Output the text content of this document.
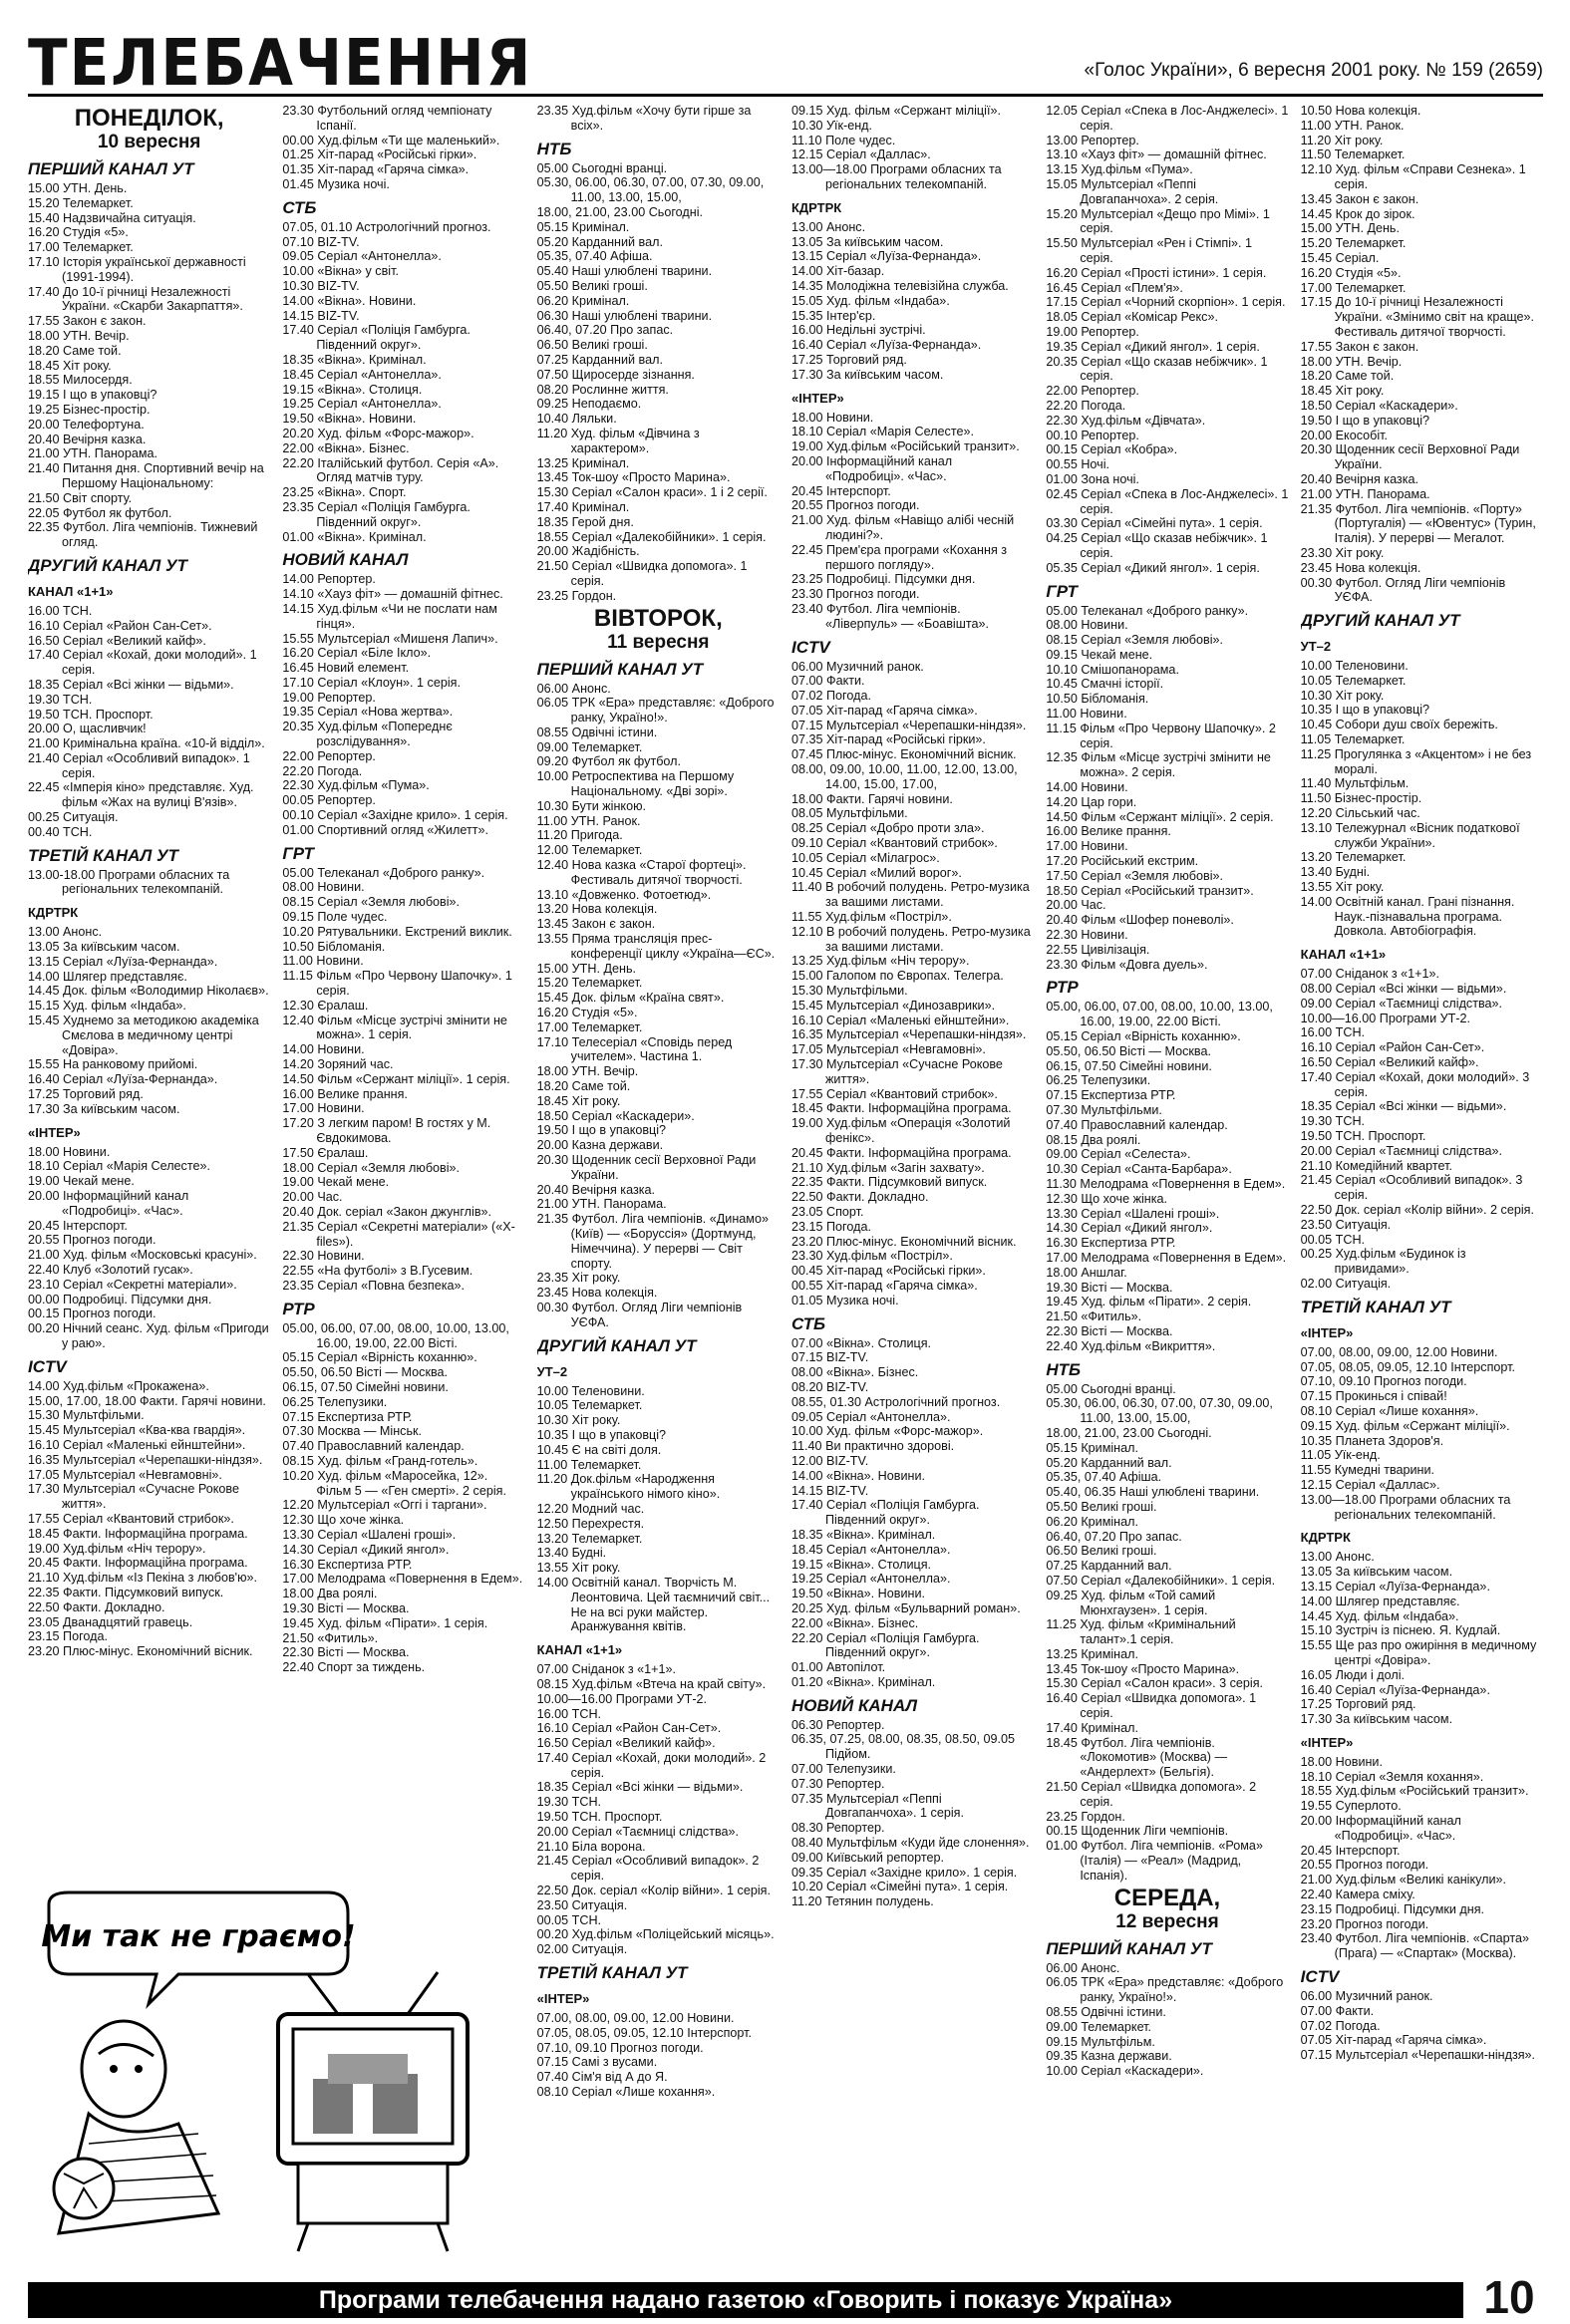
ТЕЛЕБАЧЕННЯ	«Голос України», 6 вересня 2001 року. № 159 (2659)
ПОНЕДІЛОК,
10 вересня
ПЕРШИЙ КАНАЛ УТ
15.00 УТН. День.
15.20 Телемаркет.
15.40 Надзвичайна ситуація.
16.20 Студія «5».
17.00 Телемаркет.
17.10 Історія української державності (1991-1994).
17.40 До 10-ї річниці Незалежності України. «Скарби Закарпаття».
17.55 Закон є закон.
18.00 УТН. Вечір.
18.20 Саме той.
18.45 Хіт року.
18.55 Милосердя.
19.15 І що в упаковці?
19.25 Бізнес-простір.
20.00 Телефортуна.
20.40 Вечірня казка.
21.00 УТН. Панорама.
21.40 Питання дня. Спортивний вечір на Першому Національному:
21.50 Світ спорту.
22.05 Футбол як футбол.
22.35 Футбол. Ліга чемпіонів. Тижневий огляд.
ДРУГИЙ КАНАЛ УТ
КАНАЛ «1+1»
16.00 ТСН.
16.10 Серіал «Район Сан-Сет».
16.50 Серіал «Великий кайф».
17.40 Серіал «Кохай, доки молодий». 1 серія.
18.35 Серіал «Всі жінки — відьми».
19.30 ТСН.
19.50 ТСН. Проспорт.
20.00 О, щасливчик!
21.00 Кримінальна країна. «10-й відділ».
21.40 Серіал «Особливий випадок». 1 серія.
22.45 «Імперія кіно» представляє. Худ. фільм «Жах на вулиці В'язів».
00.25 Ситуація.
00.40 ТСН.
ТРЕТІЙ КАНАЛ УТ
13.00-18.00 Програми обласних та регіональних телекомпаній.
КДРТРК
13.00 Анонс.
13.05 За київським часом.
13.15 Серіал «Луїза-Фернанда».
14.00 Шлягер представляє.
14.45 Док. фільм «Володимир Ніколаєв».
15.15 Худ. фільм «Індаба».
15.45 Худнемо за методикою академіка Смєлова в медичному центрі «Довіра».
15.55 На ранковому прийомі.
16.40 Серіал «Луїза-Фернанда».
17.25 Торговий ряд.
17.30 За київським часом.
«ІНТЕР»
18.00 Новини.
18.10 Серіал «Марія Селесте».
19.00 Чекай мене.
20.00 Інформаційний канал «Подробиці». «Час».
20.45 Інтерспорт.
20.55 Прогноз погоди.
21.00 Худ. фільм «Московські красуні».
22.40 Клуб «Золотий гусак».
23.10 Серіал «Секретні матеріали».
00.00 Подробиці. Підсумки дня.
00.15 Прогноз погоди.
00.20 Нічний сеанс. Худ. фільм «Пригоди у раю».
ICTV
14.00 Худ.фільм «Прокажена».
15.00, 17.00, 18.00 Факти. Гарячі новини.
15.30 Мультфільми.
15.45 Мультсеріал «Ква-ква гвардія».
16.10 Серіал «Маленькі ейнштейни».
16.35 Мультсеріал «Черепашки-ніндзя».
17.05 Мультсеріал «Невгамовні».
17.30 Мультсеріал «Сучасне Рокове життя».
17.55 Серіал «Квантовий стрибок».
18.45 Факти. Інформаційна програма.
19.00 Худ.фільм «Ніч терору».
20.45 Факти. Інформаційна програма.
21.10 Худ.фільм «Із Пекіна з любов'ю».
22.35 Факти. Підсумковий випуск.
22.50 Факти. Докладно.
23.05 Дванадцятий гравець.
23.15 Погода.
23.20 Плюс-мінус. Економічний вісник.
23.30 Футбольний огляд чемпіонату Іспанії.
00.00 Худ.фільм «Ти ще маленький».
01.25 Хіт-парад «Російські гірки».
01.35 Хіт-парад «Гаряча сімка».
01.45 Музика ночі.
СТБ
07.05, 01.10 Астрологічний прогноз.
07.10 BIZ-TV.
09.05 Серіал «Антонелла».
10.00 «Вікна» у світ.
10.30 BIZ-TV.
14.00 «Вікна». Новини.
14.15 BIZ-TV.
17.40 Серіал «Поліція Гамбурга. Південний округ».
18.35 «Вікна». Кримінал.
18.45 Серіал «Антонелла».
19.15 «Вікна». Столиця.
19.25 Серіал «Антонелла».
19.50 «Вікна». Новини.
20.20 Худ. фільм «Форс-мажор».
22.00 «Вікна». Бізнес.
22.20 Італійський футбол. Серія «А». Огляд матчів туру.
23.25 «Вікна». Спорт.
23.35 Серіал «Поліція Гамбурга. Південний округ».
01.00 «Вікна». Кримінал.
НОВИЙ КАНАЛ
14.00 Репортер.
14.10 «Хауз фіт» — домашній фітнес.
14.15 Худ.фільм «Чи не послати нам гінця».
15.55 Мультсеріал «Мишеня Лапич».
16.20 Серіал «Біле Ікло».
16.45 Новий елемент.
17.10 Серіал «Клоун». 1 серія.
19.00 Репортер.
19.35 Серіал «Нова жертва».
20.35 Худ.фільм «Попереднє розслідування».
22.00 Репортер.
22.20 Погода.
22.30 Худ.фільм «Пума».
00.05 Репортер.
00.10 Серіал «Західне крило». 1 серія.
01.00 Спортивний огляд «Жилетт».
ГРТ
05.00 Телеканал «Доброго ранку».
08.00 Новини.
08.15 Серіал «Земля любові».
09.15 Поле чудес.
10.20 Рятувальники. Екстрений виклик.
10.50 Бібломанія.
11.00 Новини.
11.15 Фільм «Про Червону Шапочку». 1 серія.
12.30 Єралаш.
12.40 Фільм «Місце зустрічі змінити не можна». 1 серія.
14.00 Новини.
14.20 Зоряний час.
14.50 Фільм «Сержант міліції». 1 серія.
16.00 Велике прання.
17.00 Новини.
17.20 З легким паром! В гостях у М. Євдокимова.
17.50 Єралаш.
18.00 Серіал «Земля любові».
19.00 Чекай мене.
20.00 Час.
20.40 Док. серіал «Закон джунглів».
21.35 Серіал «Секретні матеріали» («X-files»).
22.30 Новини.
22.55 «На футболі» з В.Гусевим.
23.35 Серіал «Повна безпека».
РТР
05.00, 06.00, 07.00, 08.00, 10.00, 13.00, 16.00, 19.00, 22.00 Вісті.
05.15 Серіал «Вірність коханню».
05.50, 06.50 Вісті — Москва.
06.15, 07.50 Сімейні новини.
06.25 Телепузики.
07.15 Експертиза РТР.
07.30 Москва — Мінськ.
07.40 Православний календар.
08.15 Худ. фільм «Гранд-готель».
10.20 Худ. фільм «Маросейка, 12». Фільм 5 — «Ген смерті». 2 серія.
12.20 Мультсеріал «Оггі і таргани».
12.30 Що хоче жінка.
13.30 Серіал «Шалені гроші».
14.30 Серіал «Дикий янгол».
16.30 Експертиза РТР.
17.00 Мелодрама «Повернення в Едем».
18.00 Два роялі.
19.30 Вісті — Москва.
19.45 Худ. фільм «Пірати». 1 серія.
21.50 «Фитиль».
22.30 Вісті — Москва.
22.40 Спорт за тиждень.
23.35 Худ.фільм «Хочу бути гірше за всіх».
НТБ
05.00 Сьогодні вранці.
05.30, 06.00, 06.30, 07.00, 07.30, 09.00, 11.00, 13.00, 15.00,
18.00, 21.00, 23.00 Сьогодні.
05.15 Кримінал.
05.20 Карданний вал.
05.35, 07.40 Афіша.
05.40 Наші улюблені тварини.
05.50 Великі гроші.
06.20 Кримінал.
06.30 Наші улюблені тварини.
06.40, 07.20 Про запас.
06.50 Великі гроші.
07.25 Карданний вал.
07.50 Щиросерде зізнання.
08.20 Рослинне життя.
09.25 Неподаємо.
10.40 Ляльки.
11.20 Худ. фільм «Дівчина з характером».
13.25 Кримінал.
13.45 Ток-шоу «Просто Марина».
15.30 Серіал «Салон краси». 1 і 2 серії.
17.40 Кримінал.
18.35 Герой дня.
18.55 Серіал «Далекобійники». 1 серія.
20.00 Жадібність.
21.50 Серіал «Швидка допомога». 1 серія.
23.25 Гордон.
ВІВТОРОК,
11 вересня
ПЕРШИЙ КАНАЛ УТ
06.00 Анонс.
06.05 ТРК «Ера» представляє: «Доброго ранку, Україно!».
08.55 Одвічні істини.
09.00 Телемаркет.
09.20 Футбол як футбол.
10.00 Ретроспектива на Першому Національному. «Дві зорі».
10.30 Бути жінкою.
11.00 УТН. Ранок.
11.20 Пригода.
12.00 Телемаркет.
12.40 Нова казка «Старої фортеці». Фестиваль дитячої творчості.
13.10 «Довженко. Фотоетюд».
13.20 Нова колекція.
13.45 Закон є закон.
13.55 Пряма трансляція прес-конференції циклу «Україна—ЄС».
15.00 УТН. День.
15.20 Телемаркет.
15.45 Док. фільм «Країна свят».
16.20 Студія «5».
17.00 Телемаркет.
17.10 Телесеріал «Сповідь перед учителем». Частина 1.
18.00 УТН. Вечір.
18.20 Саме той.
18.45 Хіт року.
18.50 Серіал «Каскадери».
19.50 І що в упаковці?
20.00 Казна держави.
20.30 Щоденник сесії Верховної Ради України.
20.40 Вечірня казка.
21.00 УТН. Панорама.
21.35 Футбол. Ліга чемпіонів. «Динамо» (Київ) — «Боруссія» (Дортмунд, Німеччина). У перерві — Світ спорту.
23.35 Хіт року.
23.45 Нова колекція.
00.30 Футбол. Огляд Ліги чемпіонів УЄФА.
ДРУГИЙ КАНАЛ УТ
УТ–2
10.00 Теленовини.
10.05 Телемаркет.
10.30 Хіт року.
10.35 І що в упаковці?
10.45 Є на світі доля.
11.00 Телемаркет.
11.20 Док.фільм «Народження українського німого кіно».
12.20 Модний час.
12.50 Перехрестя.
13.20 Телемаркет.
13.40 Будні.
13.55 Хіт року.
14.00 Освітній канал. Творчість М. Леонтовича. Цей таємничий світ... Не на всі руки майстер. Аранжування квітів.
КАНАЛ «1+1»
07.00 Сніданок з «1+1».
08.15 Худ.фільм «Втеча на край світу».
10.00—16.00 Програми УТ-2.
16.00 ТСН.
16.10 Серіал «Район Сан-Сет».
16.50 Серіал «Великий кайф».
17.40 Серіал «Кохай, доки молодий». 2 серія.
18.35 Серіал «Всі жінки — відьми».
19.30 ТСН.
19.50 ТСН. Проспорт.
20.00 Серіал «Таємниці слідства».
21.10 Біла ворона.
21.45 Серіал «Особливий випадок». 2 серія.
22.50 Док. серіал «Колір війни». 1 серія.
23.50 Ситуація.
00.05 ТСН.
00.20 Худ.фільм «Поліцейський місяць».
02.00 Ситуація.
ТРЕТІЙ КАНАЛ УТ
«ІНТЕР»
07.00, 08.00, 09.00, 12.00 Новини.
07.05, 08.05, 09.05, 12.10 Інтерспорт.
07.10, 09.10 Прогноз погоди.
07.15 Самі з вусами.
07.40 Сім'я від А до Я.
08.10 Серіал «Лише кохання».
09.15 Худ. фільм «Сержант міліції».
10.30 Уїк-енд.
11.10 Поле чудес.
12.15 Серіал «Даллас».
13.00—18.00 Програми обласних та регіональних телекомпаній.
КДРТРК
13.00 Анонс.
13.05 За київським часом.
13.15 Серіал «Луїза-Фернанда».
14.00 Хіт-базар.
14.35 Молодіжна телевізійна служба.
15.05 Худ. фільм «Індаба».
15.35 Інтер'єр.
16.00 Недільні зустрічі.
16.40 Серіал «Луїза-Фернанда».
17.25 Торговий ряд.
17.30 За київським часом.
«ІНТЕР»
18.00 Новини.
18.10 Серіал «Марія Селесте».
19.00 Худ.фільм «Російський транзит».
20.00 Інформаційний канал «Подробиці». «Час».
20.45 Інтерспорт.
20.55 Прогноз погоди.
21.00 Худ. фільм «Навіщо алібі чесній людині?».
22.45 Прем'єра програми «Кохання з першого погляду».
23.25 Подробиці. Підсумки дня.
23.30 Прогноз погоди.
23.40 Футбол. Ліга чемпіонів. «Ліверпуль» — «Боавішта».
ICTV
06.00 Музичний ранок.
07.00 Факти.
07.02 Погода.
07.05 Хіт-парад «Гаряча сімка».
07.15 Мультсеріал «Черепашки-ніндзя».
07.35 Хіт-парад «Російські гірки».
07.45 Плюс-мінус. Економічний вісник.
08.00, 09.00, 10.00, 11.00, 12.00, 13.00, 14.00, 15.00, 17.00,
18.00 Факти. Гарячі новини.
08.05 Мультфільми.
08.25 Серіал «Добро проти зла».
09.10 Серіал «Квантовий стрибок».
10.05 Серіал «Мілагрос».
10.45 Серіал «Милий ворог».
11.40 В робочий полудень. Ретро-музика за вашими листами.
11.55 Худ.фільм «Постріл».
12.10 В робочий полудень. Ретро-музика за вашими листами.
13.25 Худ.фільм «Ніч терору».
15.00 Галопом по Європах. Телегра.
15.30 Мультфільми.
15.45 Мультсеріал «Динозаврики».
16.10 Серіал «Маленькі ейнштейни».
16.35 Мультсеріал «Черепашки-ніндзя».
17.05 Мультсеріал «Невгамовні».
17.30 Мультсеріал «Сучасне Рокове життя».
17.55 Серіал «Квантовий стрибок».
18.45 Факти. Інформаційна програма.
19.00 Худ.фільм «Операція «Золотий фенікс».
20.45 Факти. Інформаційна програма.
21.10 Худ.фільм «Загін захвату».
22.35 Факти. Підсумковий випуск.
22.50 Факти. Докладно.
23.05 Спорт.
23.15 Погода.
23.20 Плюс-мінус. Економічний вісник.
23.30 Худ.фільм «Постріл».
00.45 Хіт-парад «Російські гірки».
00.55 Хіт-парад «Гаряча сімка».
01.05 Музика ночі.
СТБ
07.00 «Вікна». Столиця.
07.15 BIZ-TV.
08.00 «Вікна». Бізнес.
08.20 BIZ-TV.
08.55, 01.30 Астрологічний прогноз.
09.05 Серіал «Антонелла».
10.00 Худ. фільм «Форс-мажор».
11.40 Ви практично здорові.
12.00 BIZ-TV.
14.00 «Вікна». Новини.
14.15 BIZ-TV.
17.40 Серіал «Поліція Гамбурга. Південний округ».
18.35 «Вікна». Кримінал.
18.45 Серіал «Антонелла».
19.15 «Вікна». Столиця.
19.25 Серіал «Антонелла».
19.50 «Вікна». Новини.
20.25 Худ. фільм «Бульварний роман».
22.00 «Вікна». Бізнес.
22.20 Серіал «Поліція Гамбурга. Південний округ».
01.00 Автопілот.
01.20 «Вікна». Кримінал.
НОВИЙ КАНАЛ
06.30 Репортер.
06.35, 07.25, 08.00, 08.35, 08.50, 09.05 Підйом.
07.00 Телепузики.
07.30 Репортер.
07.35 Мультсеріал «Пеппі Довгапанчоха». 1 серія.
08.30 Репортер.
08.40 Мультфільм «Куди йде слонення».
09.00 Київський репортер.
09.35 Серіал «Західне крило». 1 серія.
10.20 Серіал «Сімейні пута». 1 серія.
11.20 Тетянин полудень.
12.05 Серіал «Спека в Лос-Анджелесі». 1 серія.
13.00 Репортер.
13.10 «Хауз фіт» — домашній фітнес.
13.15 Худ.фільм «Пума».
15.05 Мультсеріал «Пеппі Довгапанчоха». 2 серія.
15.20 Мультсеріал «Дещо про Мімі». 1 серія.
15.50 Мультсеріал «Рен і Стімпі». 1 серія.
16.20 Серіал «Прості істини». 1 серія.
16.45 Серіал «Плем'я».
17.15 Серіал «Чорний скорпіон». 1 серія.
18.05 Серіал «Комісар Рекс».
19.00 Репортер.
19.35 Серіал «Дикий янгол». 1 серія.
20.35 Серіал «Що сказав небіжчик». 1 серія.
22.00 Репортер.
22.20 Погода.
22.30 Худ.фільм «Дівчата».
00.10 Репортер.
00.15 Серіал «Кобра».
00.55 Ночі.
01.00 Зона ночі.
02.45 Серіал «Спека в Лос-Анджелесі». 1 серія.
03.30 Серіал «Сімейні пута». 1 серія.
04.25 Серіал «Що сказав небіжчик». 1 серія.
05.35 Серіал «Дикий янгол». 1 серія.
ГРТ
05.00 Телеканал «Доброго ранку».
08.00 Новини.
08.15 Серіал «Земля любові».
09.15 Чекай мене.
10.10 Смішопанорама.
10.45 Смачні історії.
10.50 Бібломанія.
11.00 Новини.
11.15 Фільм «Про Червону Шапочку». 2 серія.
12.35 Фільм «Місце зустрічі змінити не можна». 2 серія.
14.00 Новини.
14.20 Цар гори.
14.50 Фільм «Сержант міліції». 2 серія.
16.00 Велике прання.
17.00 Новини.
17.20 Російський екстрим.
17.50 Серіал «Земля любові».
18.50 Серіал «Російський транзит».
20.00 Час.
20.40 Фільм «Шофер поневолі».
22.30 Новини.
22.55 Цивілізація.
23.30 Фільм «Довга дуель».
РТР
05.00, 06.00, 07.00, 08.00, 10.00, 13.00, 16.00, 19.00, 22.00 Вісті.
05.15 Серіал «Вірність коханню».
05.50, 06.50 Вісті — Москва.
06.15, 07.50 Сімейні новини.
06.25 Телепузики.
07.15 Експертиза РТР.
07.30 Мультфільми.
07.40 Православний календар.
08.15 Два роялі.
09.00 Серіал «Селеста».
10.30 Серіал «Санта-Барбара».
11.30 Мелодрама «Повернення в Едем».
12.30 Що хоче жінка.
13.30 Серіал «Шалені гроші».
14.30 Серіал «Дикий янгол».
16.30 Експертиза РТР.
17.00 Мелодрама «Повернення в Едем».
18.00 Аншлаг.
19.30 Вісті — Москва.
19.45 Худ. фільм «Пірати». 2 серія.
21.50 «Фитиль».
22.30 Вісті — Москва.
22.40 Худ.фільм «Викриття».
НТБ
05.00 Сьогодні вранці.
05.30, 06.00, 06.30, 07.00, 07.30, 09.00, 11.00, 13.00, 15.00,
18.00, 21.00, 23.00 Сьогодні.
05.15 Кримінал.
05.20 Карданний вал.
05.35, 07.40 Афіша.
05.40, 06.35 Наші улюблені тварини.
05.50 Великі гроші.
06.20 Кримінал.
06.40, 07.20 Про запас.
06.50 Великі гроші.
07.25 Карданний вал.
07.50 Серіал «Далекобійники». 1 серія.
09.25 Худ. фільм «Той самий Мюнхгаузен». 1 серія.
11.25 Худ. фільм «Кримінальний талант».1 серія.
13.25 Кримінал.
13.45 Ток-шоу «Просто Марина».
15.30 Серіал «Салон краси». 3 серія.
16.40 Серіал «Швидка допомога». 1 серія.
17.40 Кримінал.
18.45 Футбол. Ліга чемпіонів. «Локомотив» (Москва) — «Андерлехт» (Бельгія).
21.50 Серіал «Швидка допомога». 2 серія.
23.25 Гордон.
00.15 Щоденник Ліги чемпіонів.
01.00 Футбол. Ліга чемпіонів. «Рома» (Італія) — «Реал» (Мадрид, Іспанія).
СЕРЕДА,
12 вересня
ПЕРШИЙ КАНАЛ УТ
06.00 Анонс.
06.05 ТРК «Ера» представляє: «Доброго ранку, Україно!».
08.55 Одвічні істини.
09.00 Телемаркет.
09.15 Мультфільм.
09.35 Казна держави.
10.00 Серіал «Каскадери».
10.50 Нова колекція.
11.00 УТН. Ранок.
11.20 Хіт року.
11.50 Телемаркет.
12.10 Худ. фільм «Справи Сезнека». 1 серія.
13.45 Закон є закон.
14.45 Крок до зірок.
15.00 УТН. День.
15.20 Телемаркет.
15.45 Серіал.
16.20 Студія «5».
17.00 Телемаркет.
17.15 До 10-ї річниці Незалежності України. «Змінимо світ на краще». Фестиваль дитячої творчості.
17.55 Закон є закон.
18.00 УТН. Вечір.
18.20 Саме той.
18.45 Хіт року.
18.50 Серіал «Каскадери».
19.50 І що в упаковці?
20.00 Екособіт.
20.30 Щоденник сесії Верховної Ради України.
20.40 Вечірня казка.
21.00 УТН. Панорама.
21.35 Футбол. Ліга чемпіонів. «Порту» (Португалія) — «Ювентус» (Турин, Італія). У перерві — Мегалот.
23.30 Хіт року.
23.45 Нова колекція.
00.30 Футбол. Огляд Ліги чемпіонів УЄФА.
ДРУГИЙ КАНАЛ УТ
УТ–2
10.00 Теленовини.
10.05 Телемаркет.
10.30 Хіт року.
10.35 І що в упаковці?
10.45 Собори душ своїх бережіть.
11.05 Телемаркет.
11.25 Прогулянка з «Акцентом» і не без моралі.
11.40 Мультфільм.
11.50 Бізнес-простір.
12.20 Сільський час.
13.10 Тележурнал «Вісник податкової служби України».
13.20 Телемаркет.
13.40 Будні.
13.55 Хіт року.
14.00 Освітній канал. Грані пізнання. Наук.-пізнавальна програма. Довкола. Автобіографія.
КАНАЛ «1+1»
07.00 Сніданок з «1+1».
08.00 Серіал «Всі жінки — відьми».
09.00 Серіал «Таємниці слідства».
10.00—16.00 Програми УТ-2.
16.00 ТСН.
16.10 Серіал «Район Сан-Сет».
16.50 Серіал «Великий кайф».
17.40 Серіал «Кохай, доки молодий». 3 серія.
18.35 Серіал «Всі жінки — відьми».
19.30 ТСН.
19.50 ТСН. Проспорт.
20.00 Серіал «Таємниці слідства».
21.10 Комедійний квартет.
21.45 Серіал «Особливий випадок». 3 серія.
22.50 Док. серіал «Колір війни». 2 серія.
23.50 Ситуація.
00.05 ТСН.
00.25 Худ.фільм «Будинок із привидами».
02.00 Ситуація.
ТРЕТІЙ КАНАЛ УТ
«ІНТЕР»
07.00, 08.00, 09.00, 12.00 Новини.
07.05, 08.05, 09.05, 12.10 Інтерспорт.
07.10, 09.10 Прогноз погоди.
07.15 Прокинься і співай!
08.10 Серіал «Лише кохання».
09.15 Худ. фільм «Сержант міліції».
10.35 Планета Здоров'я.
11.05 Уїк-енд.
11.55 Кумедні тварини.
12.15 Серіал «Даллас».
13.00—18.00 Програми обласних та регіональних телекомпаній.
КДРТРК
13.00 Анонс.
13.05 За київським часом.
13.15 Серіал «Луїза-Фернанда».
14.00 Шлягер представляє.
14.45 Худ. фільм «Індаба».
15.10 Зустріч із піснею. Я. Кудлай.
15.55 Ще раз про ожиріння в медичному центрі «Довіра».
16.05 Люди і долі.
16.40 Серіал «Луїза-Фернанда».
17.25 Торговий ряд.
17.30 За київським часом.
«ІНТЕР»
18.00 Новини.
18.10 Серіал «Земля кохання».
18.55 Худ.фільм «Російський транзит».
19.55 Суперлото.
20.00 Інформаційний канал «Подробиці». «Час».
20.45 Інтерспорт.
20.55 Прогноз погоди.
21.00 Худ.фільм «Великі канікули».
22.40 Камера сміху.
23.15 Подробиці. Підсумки дня.
23.20 Прогноз погоди.
23.40 Футбол. Ліга чемпіонів. «Спарта» (Прага) — «Спартак» (Москва).
ICTV
06.00 Музичний ранок.
07.00 Факти.
07.02 Погода.
07.05 Хіт-парад «Гаряча сімка».
07.15 Мультсеріал «Черепашки-ніндзя».
Ми так не граємо!
Програми телебачення надано газетою «Говорить і показує Україна»	10
